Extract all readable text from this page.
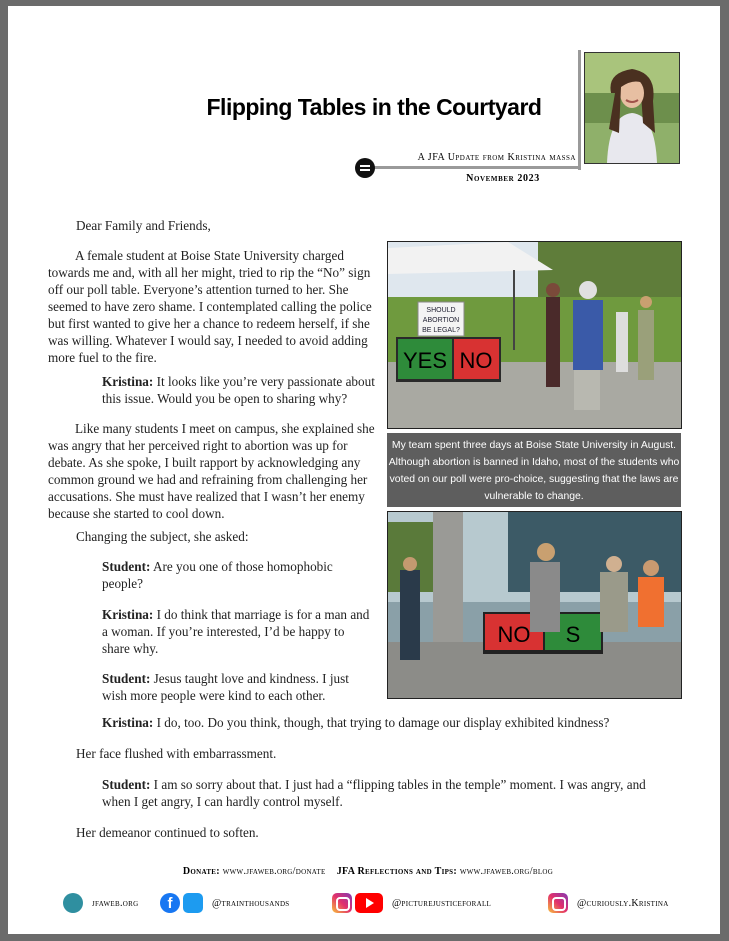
Flipping Tables in the Courtyard
A JFA Update from Kristina massa
November 2023

Dear Family and Friends,

A female student at Boise State University charged towards me and, with all her might, tried to rip the “No” sign off our poll table. Everyone’s attention turned to her. She seemed to have zero shame. I contemplated calling the police but first wanted to give her a chance to redeem herself, if she was willing. Whatever I would say, I needed to avoid adding more fuel to the fire.

Kristina: It looks like you’re very passionate about this issue. Would you be open to sharing why?

Like many students I meet on campus, she explained she was angry that her perceived right to abortion was up for debate. As she spoke, I built rapport by acknowledging any common ground we had and refraining from challenging her accusations. She must have realized that I wasn’t her enemy because she started to cool down.

Changing the subject, she asked:

Student: Are you one of those homophobic people?

Kristina: I do think that marriage is for a man and a woman. If you’re interested, I’d be happy to share why.

Student: Jesus taught love and kindness. I just wish more people were kind to each other.

Kristina: I do, too. Do you think, though, that trying to damage our display exhibited kindness?

Her face flushed with embarrassment.

Student: I am so sorry about that. I just had a “flipping tables in the temple” moment. I was angry, and when I get angry, I can hardly control myself.

Her demeanor continued to soften.

YES NO
SHOULD
ABORTION
BE LEGAL?
My team spent three days at Boise State University in August. Although abortion is banned in Idaho, most of the students who voted on our poll were pro-choice, suggesting that the laws are vulnerable to change.
NO S
Donate: www.jfaweb.org/donate JFA Reflections and Tips: www.jfaweb.org/blog
jfaweb.org	f	@trainthousands	@picturejusticeforall	@curiously.Kristina
